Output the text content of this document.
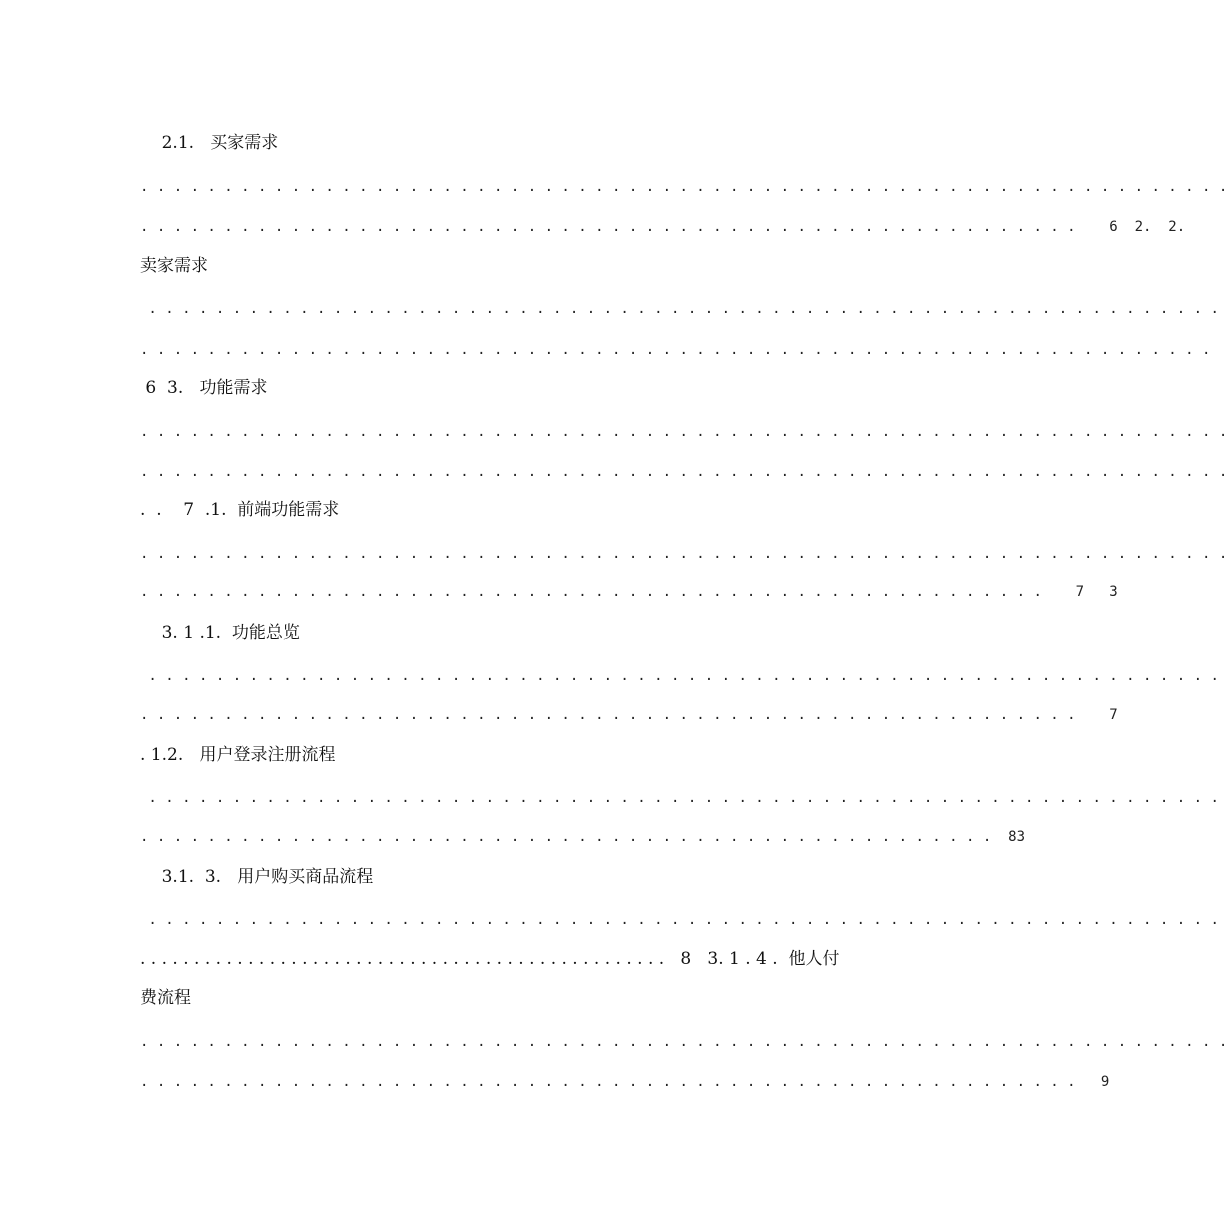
2.1.   买家需求
. . . . . . . . . . . . . . . . . . . . . . . . . . . . . . . . . . . . . . . . . . . . . . . . . . . . . . . . . . . . . . . . .
. . . . . . . . . . . . . . . . . . . . . . . . . . . . . . . . . . . . . . . . . . . . . . . . . . . . . . . .    6  2.  2.
卖家需求
. . . . . . . . . . . . . . . . . . . . . . . . . . . . . . . . . . . . . . . . . . . . . . . . . . . . . . . . . . . . . . . .
. . . . . . . . . . . . . . . . . . . . . . . . . . . . . . . . . . . . . . . . . . . . . . . . . . . . . . . . . . . . . . . .
6  3.   功能需求
. . . . . . . . . . . . . . . . . . . . . . . . . . . . . . . . . . . . . . . . . . . . . . . . . . . . . . . . . . . . . . . . .
. . . . . . . . . . . . . . . . . . . . . . . . . . . . . . . . . . . . . . . . . . . . . . . . . . . . . . . . . . . . . . . . .
.  .    7  .1.  前端功能需求
. . . . . . . . . . . . . . . . . . . . . . . . . . . . . . . . . . . . . . . . . . . . . . . . . . . . . . . . . . . . . . . . .
. . . . . . . . . . . . . . . . . . . . . . . . . . . . . . . . . . . . . . . . . . . . . . . . . . . . . .    7   3
3. 1 .1.  功能总览
. . . . . . . . . . . . . . . . . . . . . . . . . . . . . . . . . . . . . . . . . . . . . . . . . . . . . . . . . . . . . . . .
. . . . . . . . . . . . . . . . . . . . . . . . . . . . . . . . . . . . . . . . . . . . . . . . . . . . . . . .    7
. 1.2.   用户登录注册流程
. . . . . . . . . . . . . . . . . . . . . . . . . . . . . . . . . . . . . . . . . . . . . . . . . . . . . . . . . . . . . . . .
. . . . . . . . . . . . . . . . . . . . . . . . . . . . . . . . . . . . . . . . . . . . . . . . . . .  83
3.1.  3.   用户购买商品流程
. . . . . . . . . . . . . . . . . . . . . . . . . . . . . . . . . . . . . . . . . . . . . . . . . . . . . . . . . . . . . . . .
. . . . . . . . . . . . . . . . . . . . . . . . . . . . . . . . . . . . . . . . . . . . . . . . .   8   3. 1 . 4 .  他人付
费流程
. . . . . . . . . . . . . . . . . . . . . . . . . . . . . . . . . . . . . . . . . . . . . . . . . . . . . . . . . . . . . . . . .
. . . . . . . . . . . . . . . . . . . . . . . . . . . . . . . . . . . . . . . . . . . . . . . . . . . . . . . .   9
